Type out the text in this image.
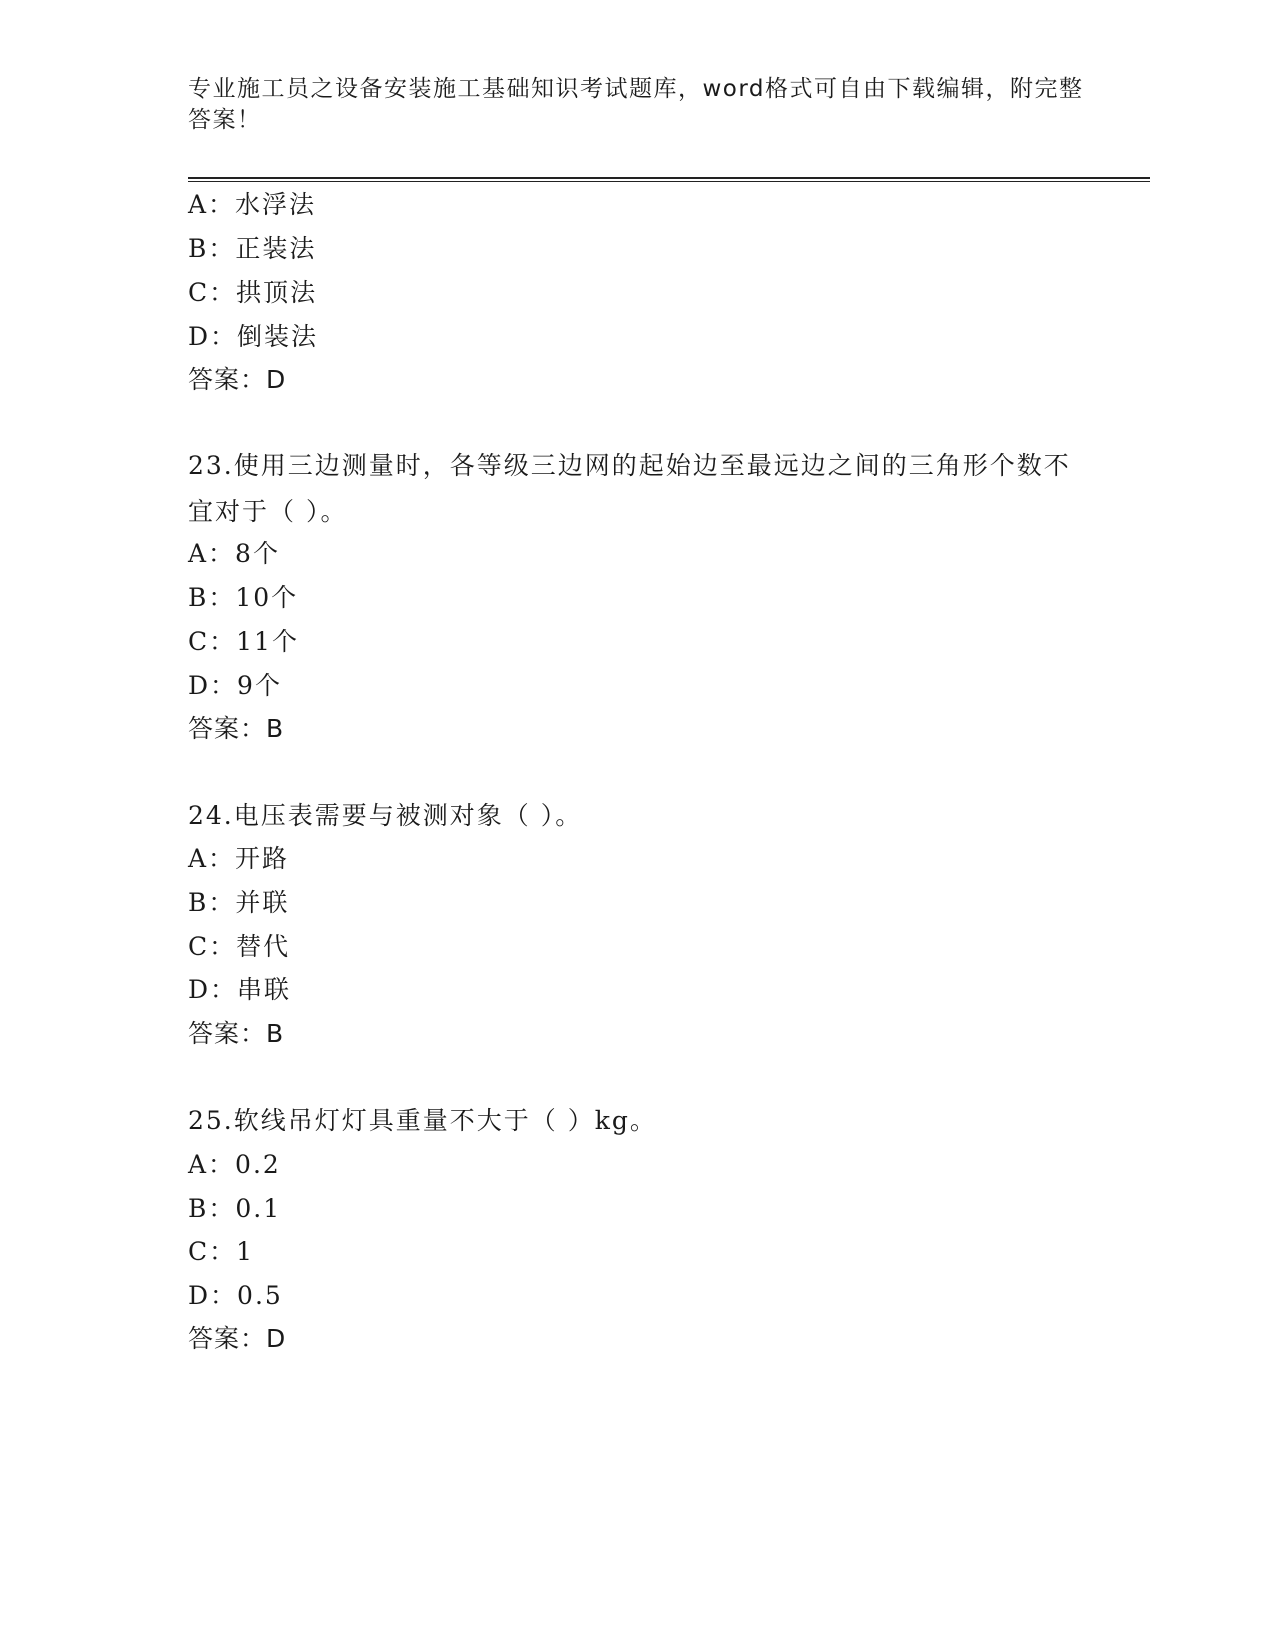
专业施工员之设备安装施工基础知识考试题库，word格式可自由下载编辑，附完整答案！
A：水浮法
B：正装法
C：拱顶法
D：倒装法
答案：D
23.使用三边测量时，各等级三边网的起始边至最远边之间的三角形个数不宜对于（ ）。
A：8个
B：10个
C：11个
D：9个
答案：B
24.电压表需要与被测对象（ ）。
A：开路
B：并联
C：替代
D：串联
答案：B
25.软线吊灯灯具重量不大于（ ）kg。
A：0.2
B：0.1
C：1
D：0.5
答案：D
